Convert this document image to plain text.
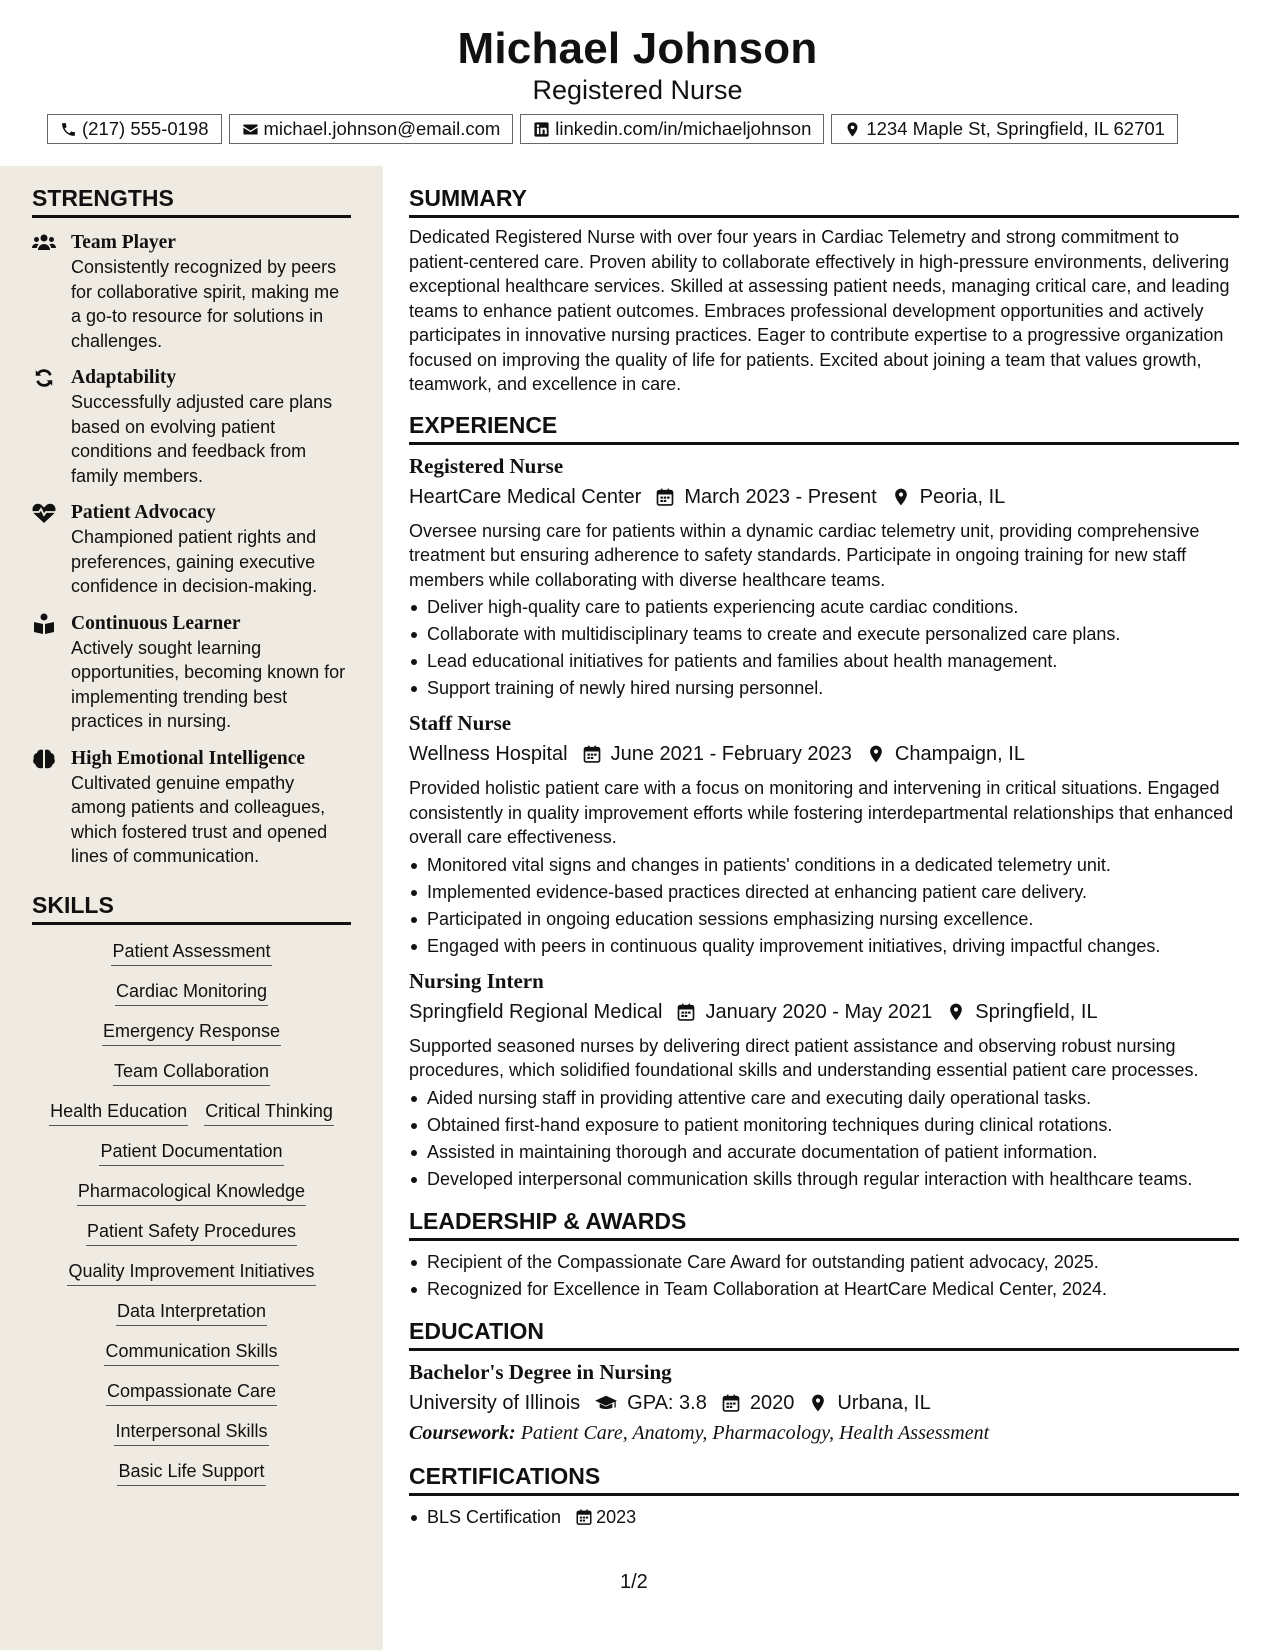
Michael Johnson
Registered Nurse
(217) 555-0198	michael.johnson@email.com	linkedin.com/in/michaeljohnson	1234 Maple St, Springfield, IL 62701
STRENGTHS
Team Player
Consistently recognized by peers for collaborative spirit, making me a go-to resource for solutions in challenges.
Adaptability
Successfully adjusted care plans based on evolving patient conditions and feedback from family members.
Patient Advocacy
Championed patient rights and preferences, gaining executive confidence in decision-making.
Continuous Learner
Actively sought learning opportunities, becoming known for implementing trending best practices in nursing.
High Emotional Intelligence
Cultivated genuine empathy among patients and colleagues, which fostered trust and opened lines of communication.
SKILLS
Patient Assessment
Cardiac Monitoring
Emergency Response
Team Collaboration
Health Education Critical Thinking
Patient Documentation
Pharmacological Knowledge
Patient Safety Procedures
Quality Improvement Initiatives
Data Interpretation
Communication Skills
Compassionate Care
Interpersonal Skills
Basic Life Support
SUMMARY
Dedicated Registered Nurse with over four years in Cardiac Telemetry and strong commitment to patient-centered care. Proven ability to collaborate effectively in high-pressure environments, delivering exceptional healthcare services. Skilled at assessing patient needs, managing critical care, and leading teams to enhance patient outcomes. Embraces professional development opportunities and actively participates in innovative nursing practices. Eager to contribute expertise to a progressive organization focused on improving the quality of life for patients. Excited about joining a team that values growth, teamwork, and excellence in care.
EXPERIENCE
Registered Nurse
HeartCare Medical Center March 2023 - Present Peoria, IL
Oversee nursing care for patients within a dynamic cardiac telemetry unit, providing comprehensive treatment but ensuring adherence to safety standards. Participate in ongoing training for new staff members while collaborating with diverse healthcare teams.
Deliver high-quality care to patients experiencing acute cardiac conditions.
Collaborate with multidisciplinary teams to create and execute personalized care plans.
Lead educational initiatives for patients and families about health management.
Support training of newly hired nursing personnel.
Staff Nurse
Wellness Hospital June 2021 - February 2023 Champaign, IL
Provided holistic patient care with a focus on monitoring and intervening in critical situations. Engaged consistently in quality improvement efforts while fostering interdepartmental relationships that enhanced overall care effectiveness.
Monitored vital signs and changes in patients' conditions in a dedicated telemetry unit.
Implemented evidence-based practices directed at enhancing patient care delivery.
Participated in ongoing education sessions emphasizing nursing excellence.
Engaged with peers in continuous quality improvement initiatives, driving impactful changes.
Nursing Intern
Springfield Regional Medical January 2020 - May 2021 Springfield, IL
Supported seasoned nurses by delivering direct patient assistance and observing robust nursing procedures, which solidified foundational skills and understanding essential patient care processes.
Aided nursing staff in providing attentive care and executing daily operational tasks.
Obtained first-hand exposure to patient monitoring techniques during clinical rotations.
Assisted in maintaining thorough and accurate documentation of patient information.
Developed interpersonal communication skills through regular interaction with healthcare teams.
LEADERSHIP & AWARDS
Recipient of the Compassionate Care Award for outstanding patient advocacy, 2025.
Recognized for Excellence in Team Collaboration at HeartCare Medical Center, 2024.
EDUCATION
Bachelor's Degree in Nursing
University of Illinois GPA: 3.8 2020 Urbana, IL
Coursework: Patient Care, Anatomy, Pharmacology, Health Assessment
CERTIFICATIONS
BLS Certification 2023
1/2
